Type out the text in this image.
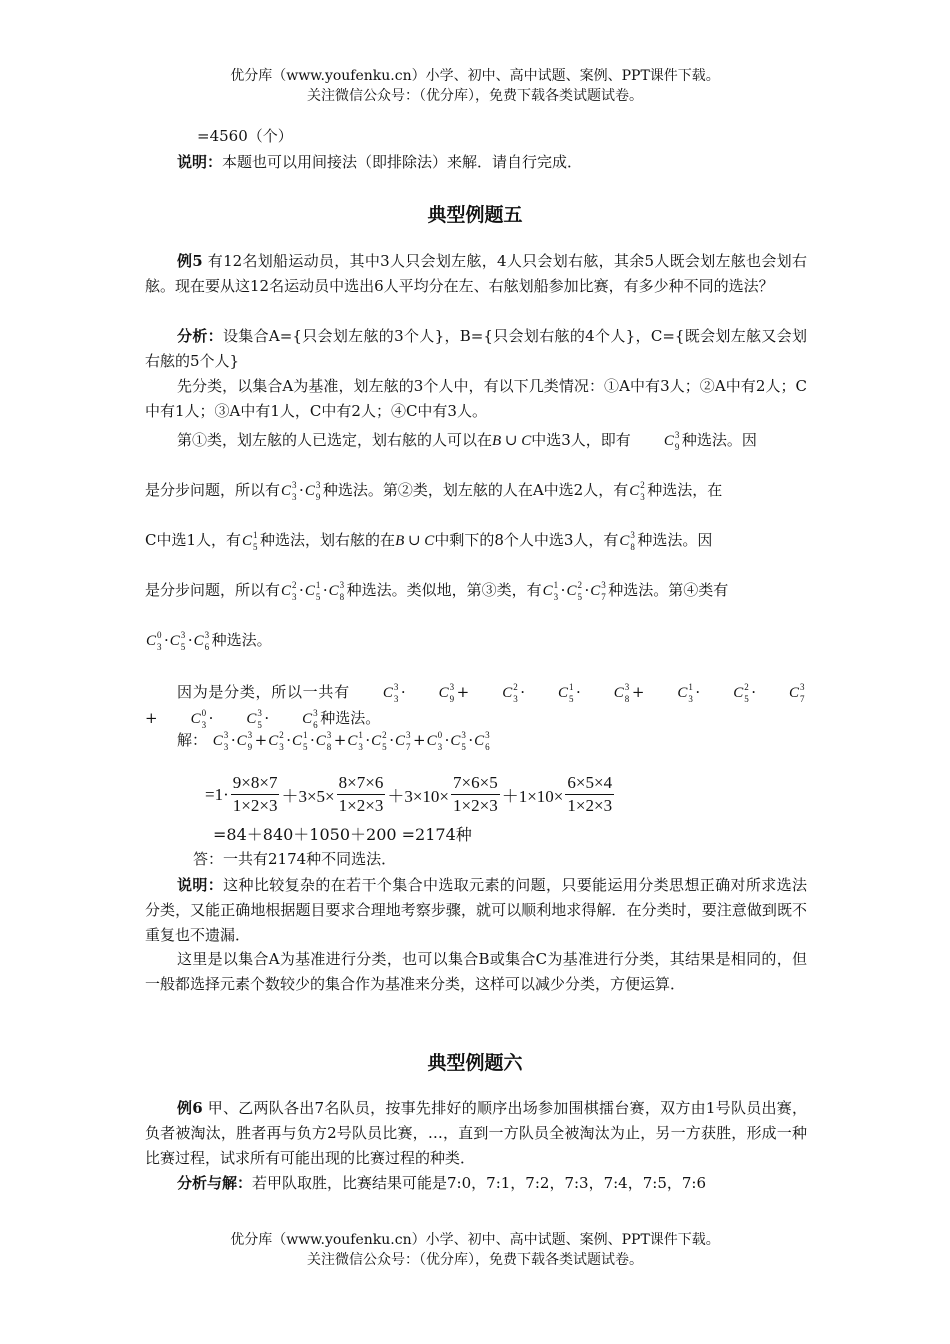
优分库（www.youfenku.cn）小学、初中、高中试题、案例、PPT课件下载。
关注微信公众号：（优分库），免费下载各类试题试卷。
=4560（个）
说明：本题也可以用间接法（即排除法）来解．请自行完成．
典型例题五
例5 有12名划船运动员，其中3人只会划左舷，4人只会划右舷，其余5人既会划左舷也会划右舷。现在要从这12名运动员中选出6人平均分在左、右舷划船参加比赛，有多少种不同的选法？
分析：设集合A={只会划左舷的3个人}，B={只会划右舷的4个人}，C={既会划左舷又会划右舷的5个人}
先分类，以集合A为基准，划左舷的3个人中，有以下几类情况：①A中有3人；②A中有2人；C中有1人；③A中有1人，C中有2人；④C中有3人。
第①类，划左舷的人已选定，划右舷的人可以在B ∪ C中选3人，即有 C 3
9 种选法。因
是分步问题，所以有C 3
3 ·C 3
9 种选法。第②类，划左舷的人在A中选2人，有C 2
3 种选法，在
C中选1人，有C 1
5 种选法，划右舷的在B ∪ C中剩下的8个人中选3人，有C 3
8 种选法。因
是分步问题，所以有C 2
3 ·C 1
5 ·C 3
8 种选法。类似地，第③类，有C 1
3 ·C 2
5 ·C 3
7 种选法。第④类有
C 0
3 ·C 3
5 ·C 3
6 种选法。
因为是分类，所以一共有 C 3
3 · C 3
9 + C 2
3 · C 1
5 · C 3
8 + C 1
3 · C 2
5 · C 3
7
+ C 0
3 · C 3
5 · C 3
6 种选法。
解： C 3
3 ·C 3
9 +C 2
3 ·C 1
5 ·C 3
8 +C 1
3 ·C 2
5 ·C 3
7 +C 0
3 ·C 3
5 ·C 3
6
$=1 \cdot \frac{9\times 8\times 7}{1\times 2\times 3} +3\times 5\times \frac{8\times 7\times 6}{1\times 2\times 3} +3\times 10\times \frac{7\times 6\times 5}{1\times 2\times 3} +1\times 10\times \frac{6\times 5\times 4}{1\times 2\times 3}$
=84＋840＋1050＋200 =2174种
答：一共有2174种不同选法．
说明：这种比较复杂的在若干个集合中选取元素的问题，只要能运用分类思想正确对所求选法分类，又能正确地根据题目要求合理地考察步骤，就可以顺利地求得解．在分类时，要注意做到既不重复也不遗漏．
这里是以集合A为基准进行分类，也可以集合B或集合C为基准进行分类，其结果是相同的，但一般都选择元素个数较少的集合作为基准来分类，这样可以减少分类，方便运算．
典型例题六
例6 甲、乙两队各出7名队员，按事先排好的顺序出场参加围棋擂台赛，双方由1号队员出赛，负者被淘汰，胜者再与负方2号队员比赛，…，直到一方队员全被淘汰为止，另一方获胜，形成一种比赛过程，试求所有可能出现的比赛过程的种类．
分析与解：若甲队取胜，比赛结果可能是7:0，7:1，7:2，7:3，7:4，7:5，7:6
优分库（www.youfenku.cn）小学、初中、高中试题、案例、PPT课件下载。
关注微信公众号：（优分库），免费下载各类试题试卷。
